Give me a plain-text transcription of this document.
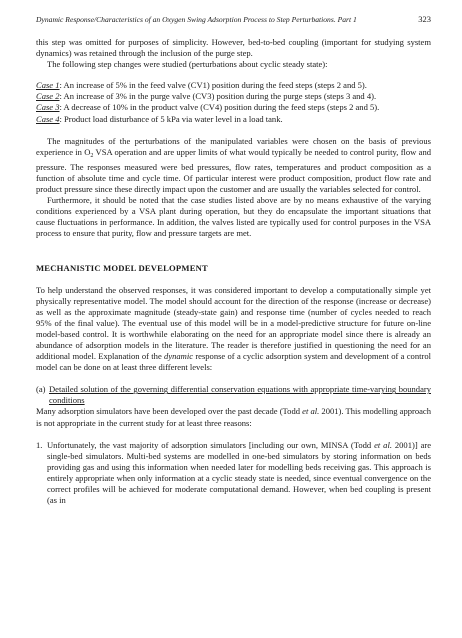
Dynamic Response/Characteristics of an Oxygen Swing Adsorption Process to Step Perturbations. Part 1	323

this step was omitted for purposes of simplicity. However, bed-to-bed coupling (important for studying system dynamics) was retained through the inclusion of the purge step.

The following step changes were studied (perturbations about cyclic steady state):

Case 1: An increase of 5% in the feed valve (CV1) position during the feed steps (steps 2 and 5).

Case 2: An increase of 3% in the purge valve (CV3) position during the purge steps (steps 3 and 4).

Case 3: A decrease of 10% in the product valve (CV4) position during the feed steps (steps 2 and 5).

Case 4: Product load disturbance of 5 kPa via water level in a load tank.

The magnitudes of the perturbations of the manipulated variables were chosen on the basis of previous experience in $O_2$ VSA operation and are upper limits of what would typically be needed to control purity, flow and pressure. The responses measured were bed pressures, flow rates, temperatures and product composition as a function of absolute time and cycle time. Of particular interest were product composition, product flow rate and product pressure since these directly impact upon the customer and are usually the variables selected for control.

Furthermore, it should be noted that the case studies listed above are by no means exhaustive of the varying conditions experienced by a VSA plant during operation, but they do encapsulate the important situations that cause fluctuations in performance. In addition, the valves listed are typically used for control purposes in the VSA process to ensure that purity, flow and pressure targets are met.

MECHANISTIC MODEL DEVELOPMENT

To help understand the observed responses, it was considered important to develop a computationally simple yet physically representative model. The model should account for the direction of the response (increase or decrease) as well as the approximate magnitude (steady-state gain) and response time (number of cycles needed to reach 95% of the final value). The eventual use of this model will be in a model-predictive structure for future on-line model-based control. It is worthwhile elaborating on the need for an appropriate model since there is already an abundance of adsorption models in the literature. The reader is therefore justified in questioning the need for an additional model. Explanation of the dynamic response of a cyclic adsorption system and development of a control model can be done on at least three different levels:

(a) Detailed solution of the governing differential conservation equations with appropriate time-varying boundary conditions

Many adsorption simulators have been developed over the past decade (Todd et al. 2001). This modelling approach is not appropriate in the current study for at least three reasons:

1. Unfortunately, the vast majority of adsorption simulators [including our own, MINSA (Todd et al. 2001)] are single-bed simulators. Multi-bed systems are modelled in one-bed simulators by storing information on beds providing gas and using this information when needed later for modelling beds receiving gas. This approach is entirely appropriate when only information at a cyclic steady state is needed, since eventual convergence on the correct profiles will be achieved for moderate computational demand. However, when bed coupling is present (as in
